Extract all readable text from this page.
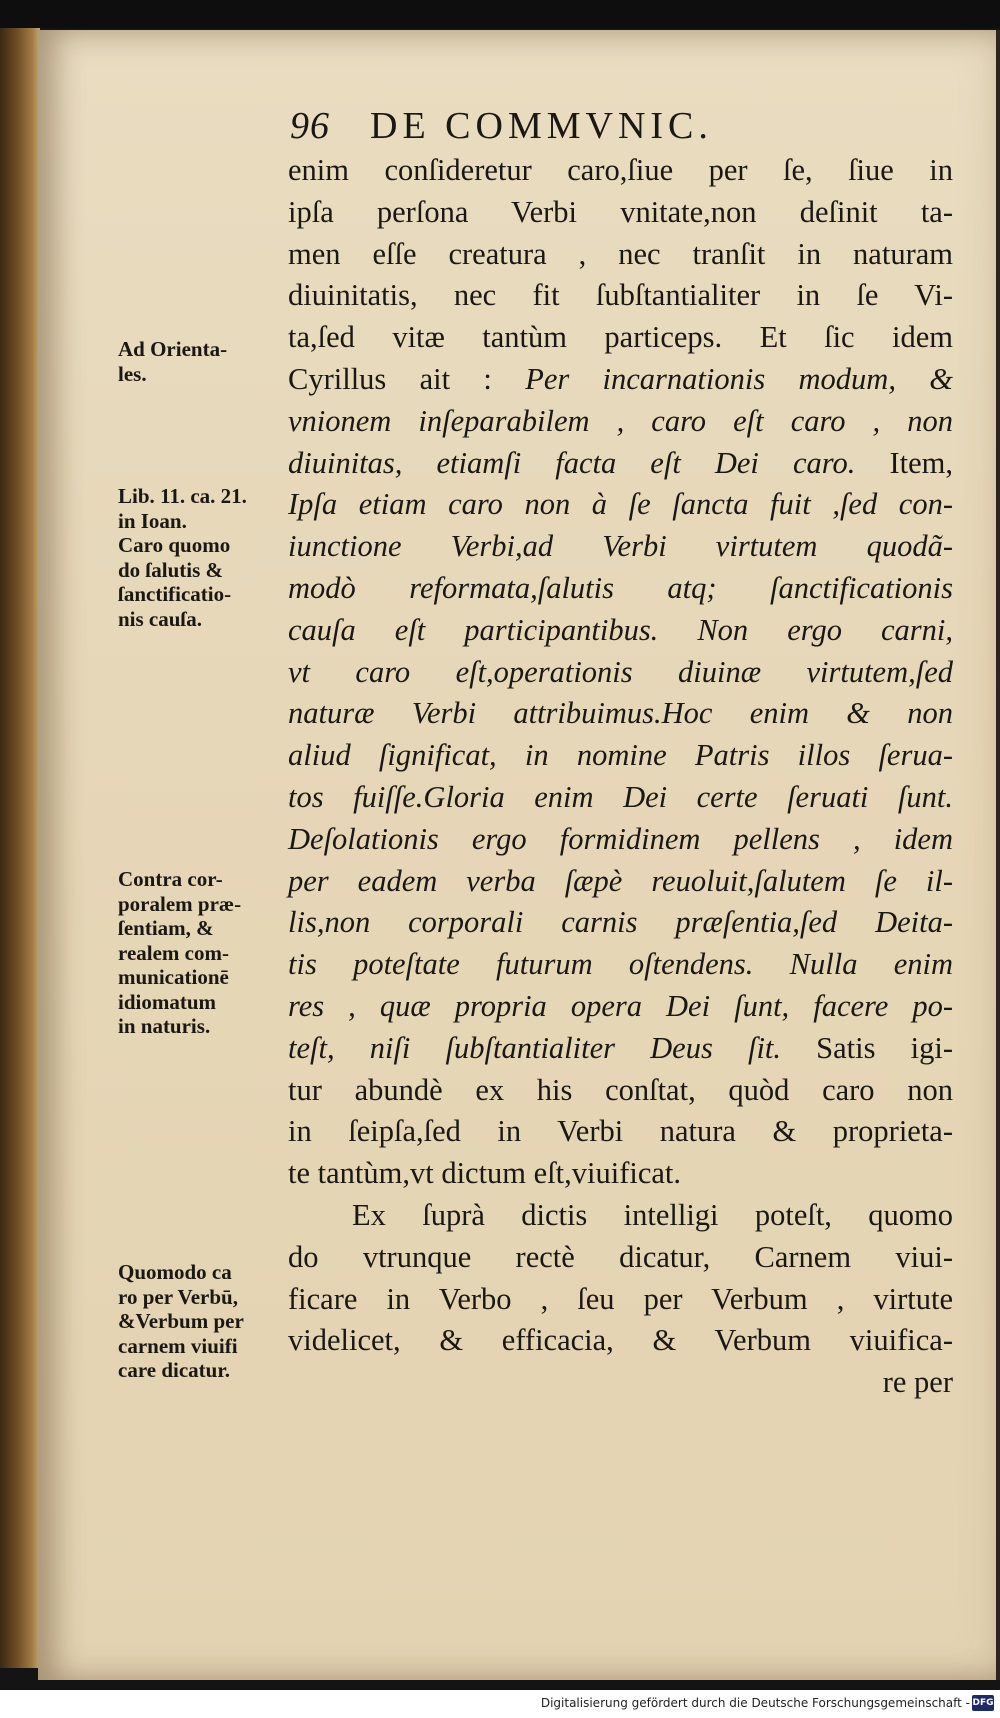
96 DE COMMVNIC.
enim conſideretur caro,ſiue per ſe, ſiue in
ipſa perſona Verbi vnitate,non deſinit ta-
men eſſe creatura , nec tranſit in naturam
diuinitatis, nec fit ſubſtantialiter in ſe Vi-
ta,ſed vitæ tantùm particeps. Et ſic idem
Cyrillus ait : Per incarnationis modum, &
vnionem inſeparabilem , caro eſt caro , non
diuinitas, etiamſi facta eſt Dei caro. Item,
Ipſa etiam caro non à ſe ſancta fuit ,ſed con-
iunctione Verbi,ad Verbi virtutem quodã-
modò reformata,ſalutis atq; ſanctificationis
cauſa eſt participantibus. Non ergo carni,
vt caro eſt,operationis diuinæ virtutem,ſed
naturæ Verbi attribuimus.Hoc enim & non
aliud ſignificat, in nomine Patris illos ſerua-
tos fuiſſe.Gloria enim Dei certe ſeruati ſunt.
Deſolationis ergo formidinem pellens , idem
per eadem verba ſæpè reuoluit,ſalutem ſe il-
lis,non corporali carnis præſentia,ſed Deita-
tis poteſtate futurum oſtendens. Nulla enim
res , quæ propria opera Dei ſunt, facere po-
teſt, niſi ſubſtantialiter Deus ſit. Satis igi-
tur abundè ex his conſtat, quòd caro non
in ſeipſa,ſed in Verbi natura & proprieta-
te tantùm,vt dictum eſt,viuificat.
Ex ſuprà dictis intelligi poteſt, quomo
do vtrunque rectè dicatur, Carnem viui-
ficare in Verbo , ſeu per Verbum , virtute
videlicet, & efficacia, & Verbum viuifica-
re per
Ad Orienta-
les.
Lib. 11. ca. 21.
in Ioan.
Caro quomo
do ſalutis &
ſanctificatio-
nis cauſa.
Contra cor-
poralem præ-
ſentiam, &
realem com-
municationē
idiomatum
in naturis.
Quomodo ca
ro per Verbū,
&Verbum per
carnem viuifi
care dicatur.
Digitalisierung gefördert durch die Deutsche Forschungsgemeinschaft - DFG
